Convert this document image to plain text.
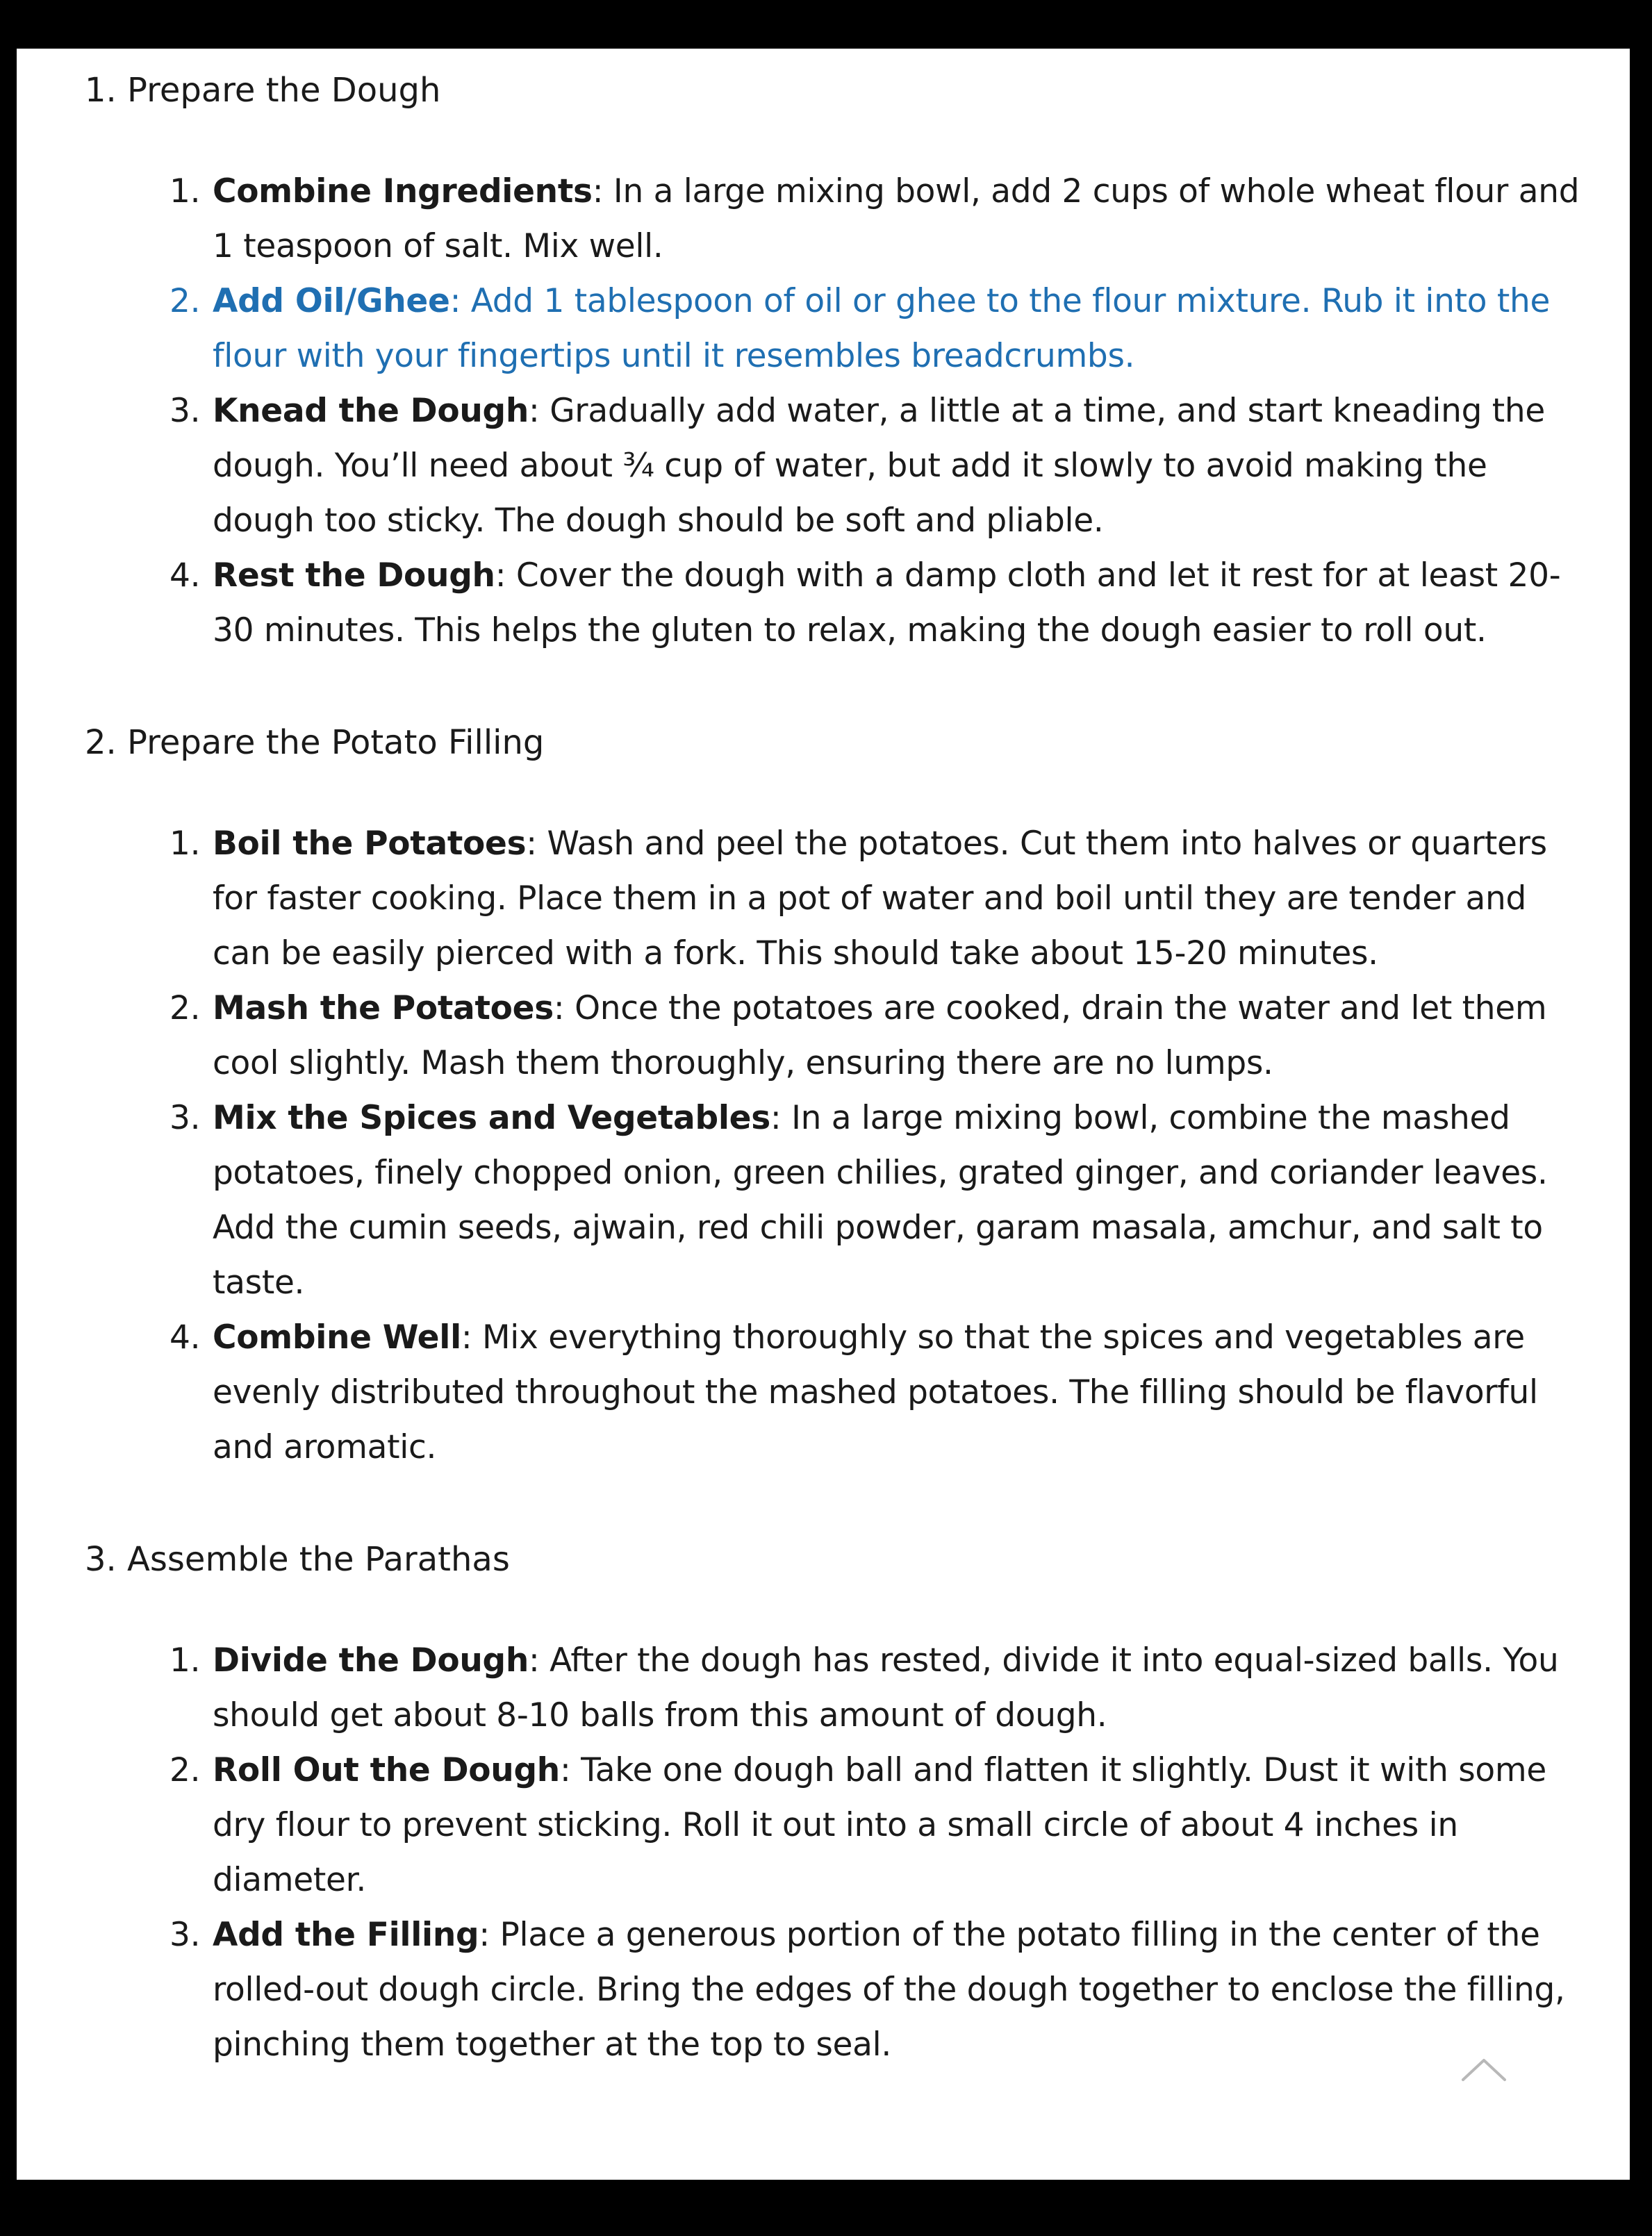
1. Prepare the Dough
1. Combine Ingredients: In a large mixing bowl, add 2 cups of whole wheat flour and 1 teaspoon of salt. Mix well.
2. Add Oil/Ghee: Add 1 tablespoon of oil or ghee to the flour mixture. Rub it into the flour with your fingertips until it resembles breadcrumbs.
3. Knead the Dough: Gradually add water, a little at a time, and start kneading the dough. You’ll need about ¾ cup of water, but add it slowly to avoid making the dough too sticky. The dough should be soft and pliable.
4. Rest the Dough: Cover the dough with a damp cloth and let it rest for at least 20-30 minutes. This helps the gluten to relax, making the dough easier to roll out.
2. Prepare the Potato Filling
1. Boil the Potatoes: Wash and peel the potatoes. Cut them into halves or quarters for faster cooking. Place them in a pot of water and boil until they are tender and can be easily pierced with a fork. This should take about 15-20 minutes.
2. Mash the Potatoes: Once the potatoes are cooked, drain the water and let them cool slightly. Mash them thoroughly, ensuring there are no lumps.
3. Mix the Spices and Vegetables: In a large mixing bowl, combine the mashed potatoes, finely chopped onion, green chilies, grated ginger, and coriander leaves. Add the cumin seeds, ajwain, red chili powder, garam masala, amchur, and salt to taste.
4. Combine Well: Mix everything thoroughly so that the spices and vegetables are evenly distributed throughout the mashed potatoes. The filling should be flavorful and aromatic.
3. Assemble the Parathas
1. Divide the Dough: After the dough has rested, divide it into equal-sized balls. You should get about 8-10 balls from this amount of dough.
2. Roll Out the Dough: Take one dough ball and flatten it slightly. Dust it with some dry flour to prevent sticking. Roll it out into a small circle of about 4 inches in diameter.
3. Add the Filling: Place a generous portion of the potato filling in the center of the rolled-out dough circle. Bring the edges of the dough together to enclose the filling, pinching them together at the top to seal.
